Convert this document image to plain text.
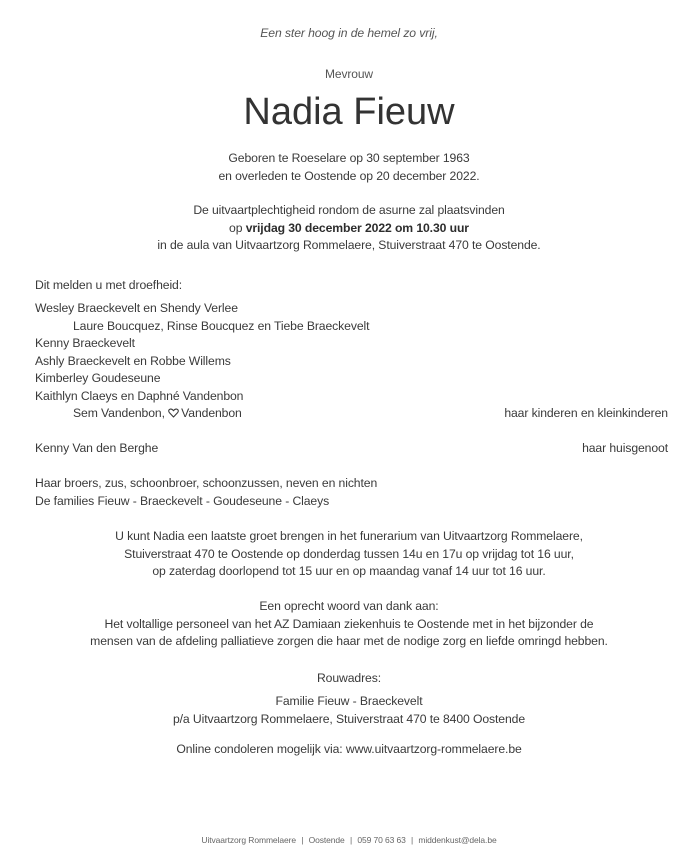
Een ster hoog in de hemel zo vrij,
Mevrouw
Nadia Fieuw
Geboren te Roeselare op 30 september 1963
en overleden te Oostende op 20 december 2022.
De uitvaartplechtigheid rondom de asurne zal plaatsvinden
op vrijdag 30 december 2022 om 10.30 uur
in de aula van Uitvaartzorg Rommelaere, Stuiverstraat 470 te Oostende.
Dit melden u met droefheid:
Wesley Braeckevelt en Shendy Verlee
Laure Boucquez, Rinse Boucquez en Tiebe Braeckevelt
Kenny Braeckevelt
Ashly Braeckevelt en Robbe Willems
Kimberley Goudeseune
Kaithlyn Claeys en Daphné Vandenbon
Sem Vandenbon, Vandenbon	haar kinderen en kleinkinderen
Kenny Van den Berghe	haar huisgenoot
Haar broers, zus, schoonbroer, schoonzussen, neven en nichten
De families Fieuw - Braeckevelt - Goudeseune - Claeys
U kunt Nadia een laatste groet brengen in het funerarium van Uitvaartzorg Rommelaere,
Stuiverstraat 470 te Oostende op donderdag tussen 14u en 17u op vrijdag tot 16 uur,
op zaterdag doorlopend tot 15 uur en op maandag vanaf 14 uur tot 16 uur.
Een oprecht woord van dank aan:
Het voltallige personeel van het AZ Damiaan ziekenhuis te Oostende met in het bijzonder de
mensen van de afdeling palliatieve zorgen die haar met de nodige zorg en liefde omringd hebben.
Rouwadres:
Familie Fieuw - Braeckevelt
p/a Uitvaartzorg Rommelaere, Stuiverstraat 470 te 8400 Oostende
Online condoleren mogelijk via: www.uitvaartzorg-rommelaere.be
Uitvaartzorg Rommelaere | Oostende | 059 70 63 63 | middenkust@dela.be
